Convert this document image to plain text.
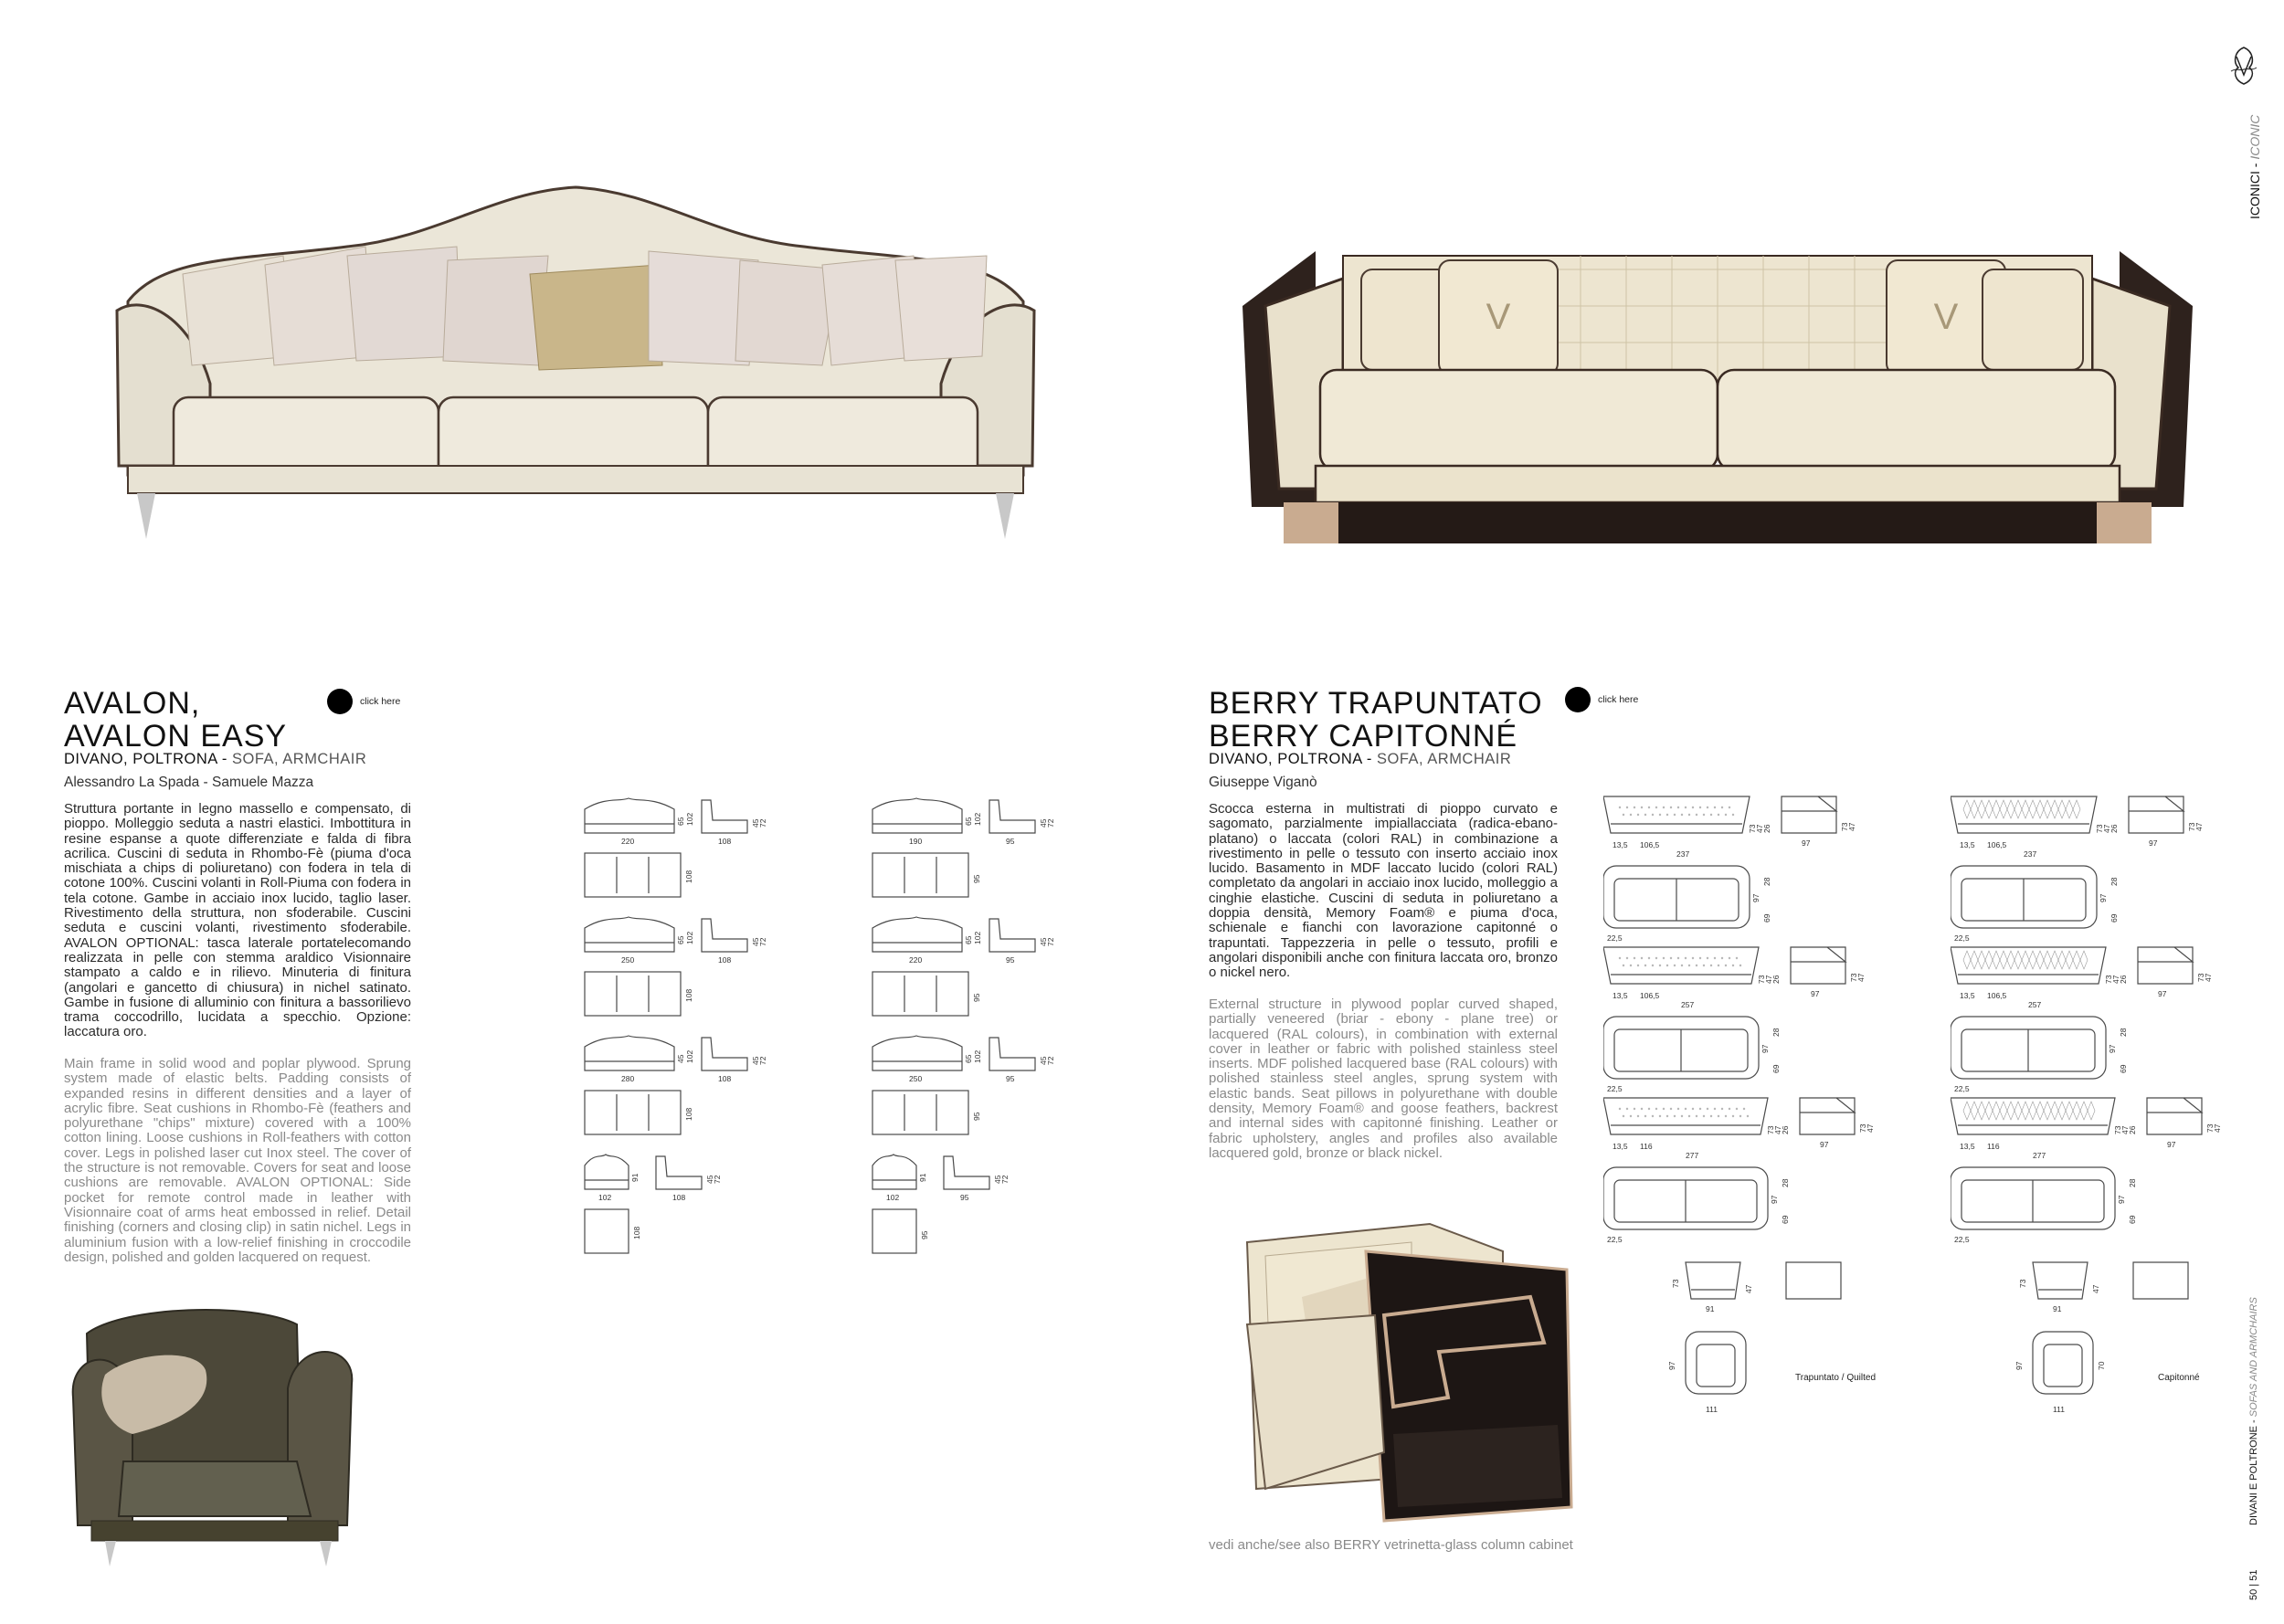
ICONICI - ICONIC
DIVANI E POLTRONE - SOFAS AND ARMCHAIRS
50 | 51
V	V
AVALON,
AVALON EASY
click here
DIVANO, POLTRONA - SOFA, ARMCHAIR
Alessandro La Spada - Samuele Mazza
Struttura portante in legno massello e compensato, di pioppo. Molleggio seduta a nastri elastici. Imbottitura in resine espanse a quote differenziate e falda di fibra acrilica. Cuscini di seduta in Rhombo-Fè (piuma d'oca mischiata a chips di poliuretano) con fodera in tela di cotone 100%. Cuscini volanti in Roll-Piuma con fodera in tela cotone. Gambe in acciaio inox lucido, taglio laser. Rivestimento della struttura, non sfoderabile. Cuscini seduta e cuscini volanti, rivestimento sfoderabile. AVALON OPTIONAL: tasca laterale portatelecomando realizzata in pelle con stemma araldico Visionnaire stampato a caldo e in rilievo. Minuteria di finitura (angolari e gancetto di chiusura) in nichel satinato. Gambe in fusione di alluminio con finitura a bassorilievo trama coccodrillo, lucidata a specchio. Opzione: laccatura oro.
Main frame in solid wood and poplar plywood. Sprung system made of elastic belts. Padding consists of expanded resins in different densities and a layer of acrylic fibre. Seat cushions in Rhombo-Fè (feathers and polyurethane "chips" mixture) covered with a 100% cotton lining. Loose cushions in Roll-feathers with cotton cover. Legs in polished laser cut Inox steel. The cover of the structure is not removable. Covers for seat and loose cushions are removable. AVALON OPTIONAL: Side pocket for remote control made in leather with Visionnaire coat of arms heat embossed in relief. Detail finishing (corners and closing clip) in satin nichel. Legs in aluminium fusion with a low-relief finishing in croccodile design, polished and golden lacquered on request.
BERRY TRAPUNTATO
BERRY CAPITONNÉ
click here
DIVANO, POLTRONA - SOFA, ARMCHAIR
Giuseppe Viganò
Scocca esterna in multistrati di pioppo curvato e sagomato, parzialmente impiallacciata (radica-ebano-platano) o laccata (colori RAL) in combinazione a rivestimento in pelle o tessuto con inserto acciaio inox lucido. Basamento in MDF laccato lucido (colori RAL) completato da angolari in acciaio inox lucido, molleggio a cinghie elastiche. Cuscini di seduta in poliuretano a doppia densità, Memory Foam® e piuma d'oca, schienale e fianchi con lavorazione capitonné o trapuntati. Tappezzeria in pelle o tessuto, profili e angolari disponibili anche con finitura laccata oro, bronzo o nickel nero.
External structure in plywood poplar curved shaped, partially veneered (briar - ebony - plane tree) or lacquered (RAL colours), in combination with external cover in leather or fabric with polished stainless steel inserts. MDF polished lacquered base (RAL colours) with polished stainless steel angles, sprung system with elastic bands. Seat pillows in polyurethane with double density, Memory Foam® and goose feathers, backrest and internal sides with capitonné finishing. Leather or fabric upholstery, angles and profiles also available lacquered gold, bronze or black nickel.
vedi anche/see also BERRY vetrinetta-glass column cabinet
220
65 102
108
45
72
108
250
65 102
108
45
72
108
280
45 102
108
45
72
108
102
91
108
45
72
108
190
65 102
95
45
72
95
220
65 102
95
45
72
95
250
65 102
95
45
72
95
102
91
95
45
72
95
13,5 106,5
237
73
47
26
97
73
47
22,5
97
28
69
13,5 106,5
257
73
47
26
97
73
47
22,5
97
28
69
13,5 116
277
73
47
26
97
73
47
22,5
97
28
69
91
73
47
97
111
13,5 106,5
237
73
47
26
97
73
47
22,5
97
28
69
13,5 106,5
257
73
47
26
97
73
47
22,5
97
28
69
13,5 116
277
73
47
26
97
73
47
22,5
97
28
69
91
73
47
97
111
70
Trapuntato / Quilted	Capitonné
